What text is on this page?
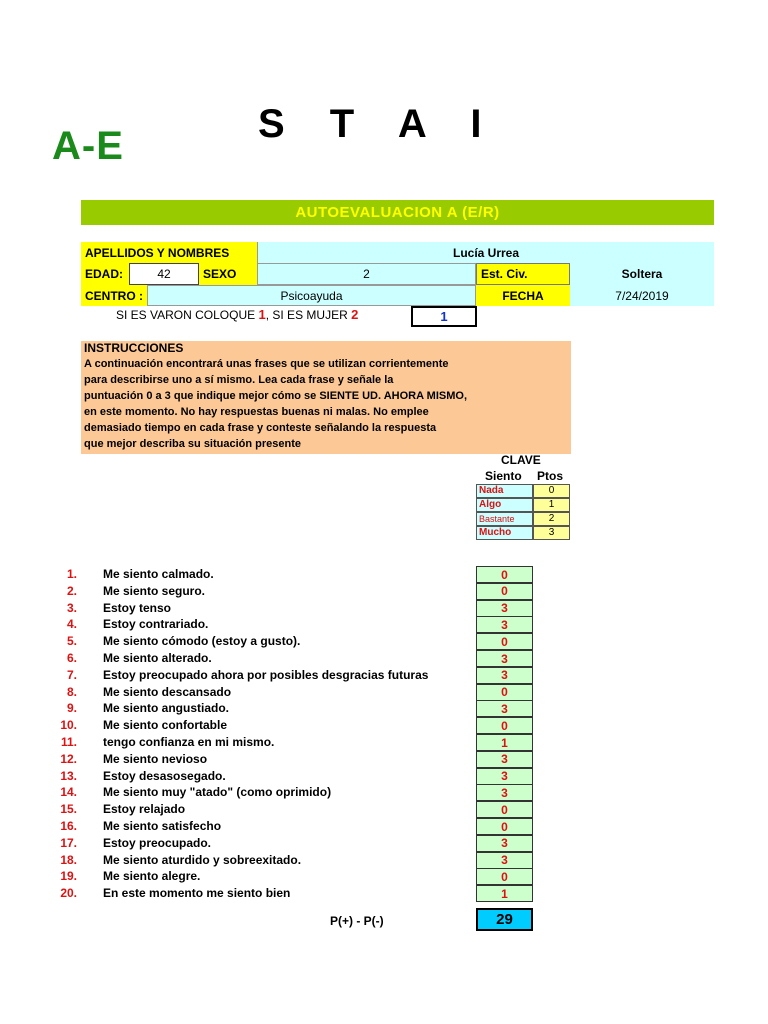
A-E	S T A I
AUTOEVALUACION A (E/R)
APELLIDOS Y NOMBRES	Lucía Urrea
EDAD:	42	SEXO	2	Est. Civ.	Soltera
CENTRO :	Psicoayuda	FECHA	7/24/2019
SI ES VARON COLOQUE 1, SI ES MUJER 2	1
INSTRUCCIONES
A continuación encontrará unas frases que se utilizan corrientemente
para describirse uno a sí mismo. Lea cada frase y señale la
puntuación 0 a 3 que indique mejor cómo se SIENTE UD. AHORA MISMO,
en este momento. No hay respuestas buenas ni malas. No emplee
demasiado tiempo en cada frase y conteste señalando la respuesta
que mejor describa su situación presente
CLAVE
Siento Ptos
Nada	0
Algo	1
Bastante	2
Mucho	3
1. Me siento calmado.	0
2. Me siento seguro.	0
3. Estoy tenso	3
4. Estoy contrariado.	3
5. Me siento cómodo (estoy a gusto).	0
6. Me siento alterado.	3
7. Estoy preocupado ahora por posibles desgracias futuras	3
8. Me siento descansado	0
9. Me siento angustiado.	3
10. Me siento confortable	0
11. tengo confianza en mi mismo.	1
12. Me siento nevioso	3
13. Estoy desasosegado.	3
14. Me siento muy "atado" (como oprimido)	3
15. Estoy relajado	0
16. Me siento satisfecho	0
17. Estoy preocupado.	3
18. Me siento aturdido y sobreexitado.	3
19. Me siento alegre.	0
20. En este momento me siento bien	1
P(+) - P(-)	29
